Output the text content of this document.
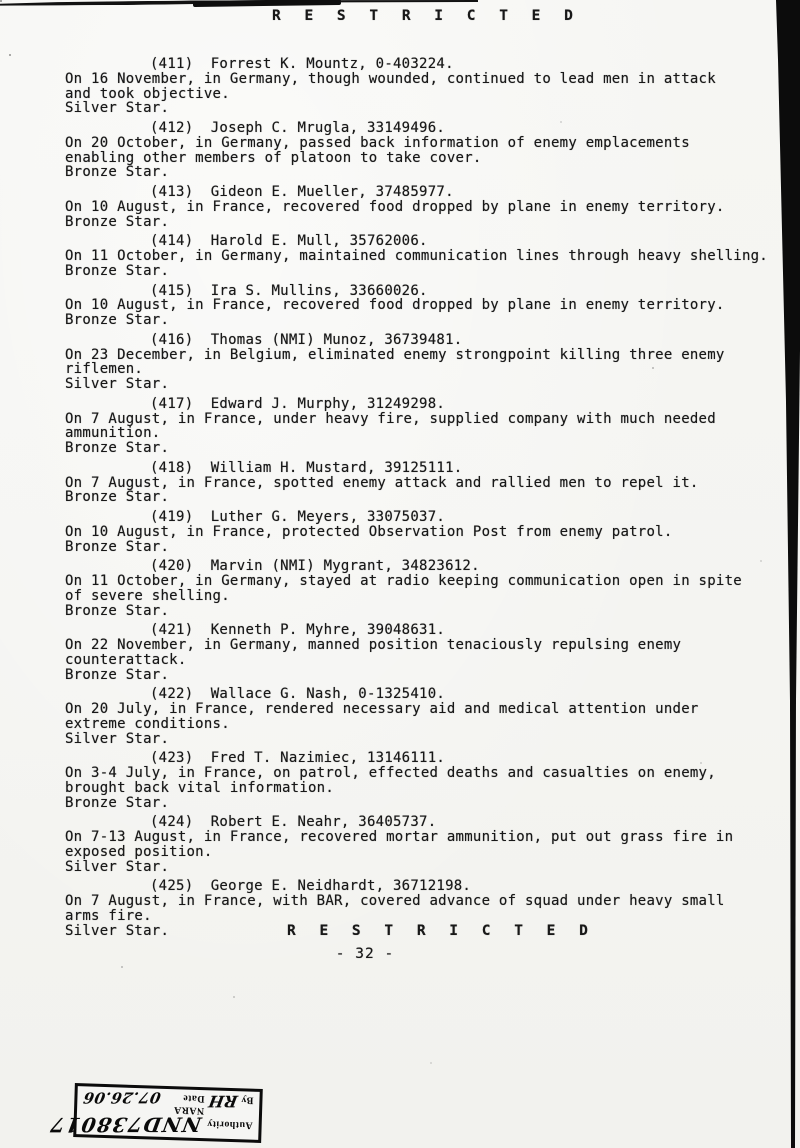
R E S T R I C T E D
(411)  Forrest K. Mountz, 0-403224.
On 16 November, in Germany, though wounded, continued to lead men in attack
and took objective.
Silver Star.
(412)  Joseph C. Mrugla, 33149496.
On 20 October, in Germany, passed back information of enemy emplacements
enabling other members of platoon to take cover.
Bronze Star.
(413)  Gideon E. Mueller, 37485977.
On 10 August, in France, recovered food dropped by plane in enemy territory.
Bronze Star.
(414)  Harold E. Mull, 35762006.
On 11 October, in Germany, maintained communication lines through heavy shelling.
Bronze Star.
(415)  Ira S. Mullins, 33660026.
On 10 August, in France, recovered food dropped by plane in enemy territory.
Bronze Star.
(416)  Thomas (NMI) Munoz, 36739481.
On 23 December, in Belgium, eliminated enemy strongpoint killing three enemy
riflemen.
Silver Star.
(417)  Edward J. Murphy, 31249298.
On 7 August, in France, under heavy fire, supplied company with much needed
ammunition.
Bronze Star.
(418)  William H. Mustard, 39125111.
On 7 August, in France, spotted enemy attack and rallied men to repel it.
Bronze Star.
(419)  Luther G. Meyers, 33075037.
On 10 August, in France, protected Observation Post from enemy patrol.
Bronze Star.
(420)  Marvin (NMI) Mygrant, 34823612.
On 11 October, in Germany, stayed at radio keeping communication open in spite
of severe shelling.
Bronze Star.
(421)  Kenneth P. Myhre, 39048631.
On 22 November, in Germany, manned position tenaciously repulsing enemy
counterattack.
Bronze Star.
(422)  Wallace G. Nash, 0-1325410.
On 20 July, in France, rendered necessary aid and medical attention under
extreme conditions.
Silver Star.
(423)  Fred T. Nazimiec, 13146111.
On 3-4 July, in France, on patrol, effected deaths and casualties on enemy,
brought back vital information.
Bronze Star.
(424)  Robert E. Neahr, 36405737.
On 7-13 August, in France, recovered mortar ammunition, put out grass fire in
exposed position.
Silver Star.
(425)  George E. Neidhardt, 36712198.
On 7 August, in France, with BAR, covered advance of squad under heavy small
arms fire.
Silver Star.	R E S T R I C T E D
- 32 -
Authority
NND738017
By
RH
NARA Date
07.26.06
